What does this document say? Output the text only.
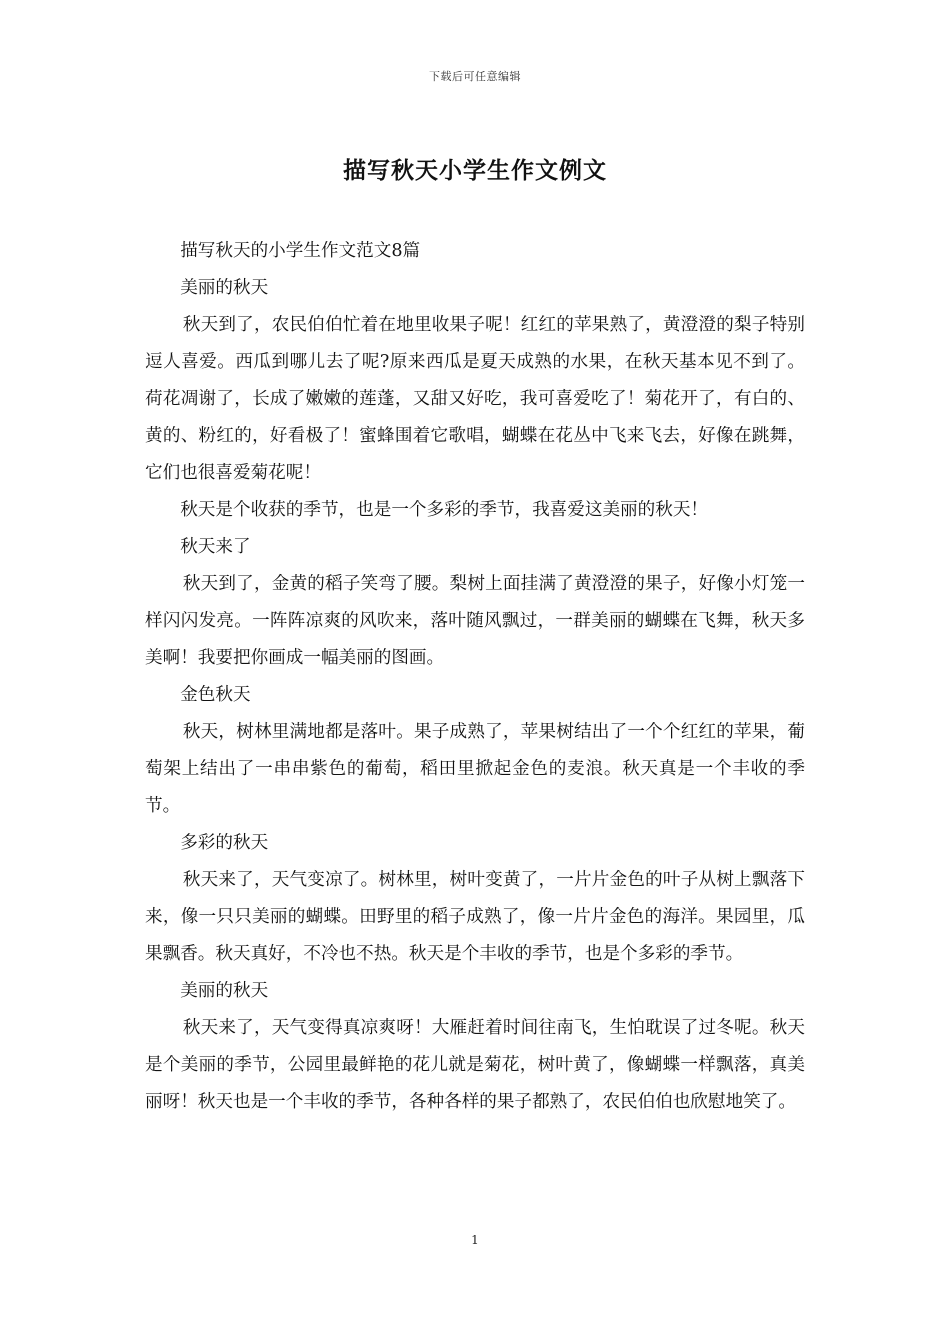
下载后可任意编辑
描写秋天小学生作文例文

描写秋天的小学生作文范文8篇

美丽的秋天

秋天到了，农民伯伯忙着在地里收果子呢！红红的苹果熟了，黄澄澄的梨子特别逗人喜爱。西瓜到哪儿去了呢?原来西瓜是夏天成熟的水果，在秋天基本见不到了。荷花凋谢了，长成了嫩嫩的莲蓬，又甜又好吃，我可喜爱吃了！菊花开了，有白的、黄的、粉红的，好看极了！蜜蜂围着它歌唱，蝴蝶在花丛中飞来飞去，好像在跳舞，它们也很喜爱菊花呢！

秋天是个收获的季节，也是一个多彩的季节，我喜爱这美丽的秋天！

秋天来了

秋天到了，金黄的稻子笑弯了腰。梨树上面挂满了黄澄澄的果子，好像小灯笼一样闪闪发亮。一阵阵凉爽的风吹来，落叶随风飘过，一群美丽的蝴蝶在飞舞，秋天多美啊！我要把你画成一幅美丽的图画。

金色秋天

秋天，树林里满地都是落叶。果子成熟了，苹果树结出了一个个红红的苹果，葡萄架上结出了一串串紫色的葡萄，稻田里掀起金色的麦浪。秋天真是一个丰收的季节。

多彩的秋天

秋天来了，天气变凉了。树林里，树叶变黄了，一片片金色的叶子从树上飘落下来，像一只只美丽的蝴蝶。田野里的稻子成熟了，像一片片金色的海洋。果园里，瓜果飘香。秋天真好，不冷也不热。秋天是个丰收的季节，也是个多彩的季节。

美丽的秋天

秋天来了，天气变得真凉爽呀！大雁赶着时间往南飞，生怕耽误了过冬呢。秋天是个美丽的季节，公园里最鲜艳的花儿就是菊花，树叶黄了，像蝴蝶一样飘落，真美丽呀！秋天也是一个丰收的季节，各种各样的果子都熟了，农民伯伯也欣慰地笑了。

1
